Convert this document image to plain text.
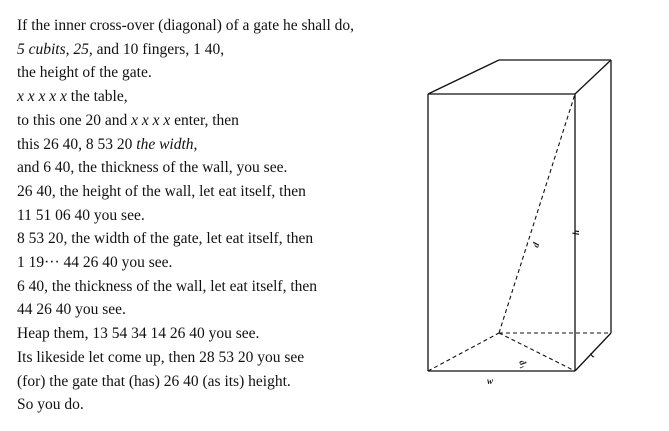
If the inner cross-over (diagonal) of a gate he shall do,
5 cubits, 25, and 10 fingers, 1 40,
the height of the gate.
x x x x x the table,
to this one 20 and x x x x enter, then
this 26 40, 8 53 20 the width,
and 6 40, the thickness of the wall, you see.
26 40, the height of the wall, let eat itself, then
11 51 06 40 you see.
8 53 20, the width of the gate, let eat itself, then
1 19··· 44 26 40 you see.
6 40, the thickness of the wall, let eat itself, then
44 26 40 you see.
Heap them, 13 54 34 14 26 40 you see.
Its likeside let come up, then 28 53 20 you see
(for) the gate that (has) 26 40 (as its) height.
So you do.
d
h
d₁
t
w
